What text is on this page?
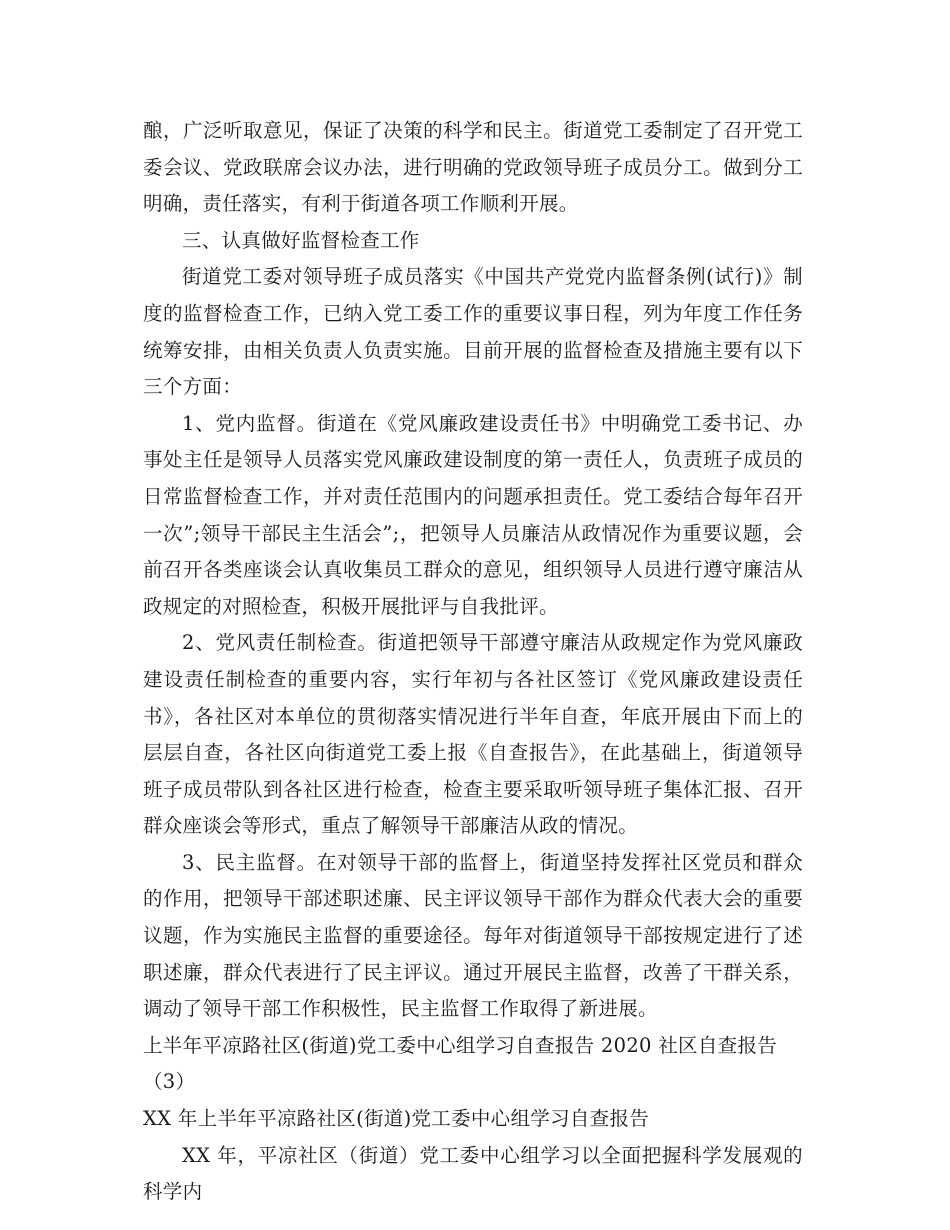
酿，广泛听取意见，保证了决策的科学和民主。街道党工委制定了召开党工委会议、党政联席会议办法，进行明确的党政领导班子成员分工。做到分工明确，责任落实，有利于街道各项工作顺利开展。

三、认真做好监督检查工作

街道党工委对领导班子成员落实《中国共产党党内监督条例(试行)》制度的监督检查工作，已纳入党工委工作的重要议事日程，列为年度工作任务统筹安排，由相关负责人负责实施。目前开展的监督检查及措施主要有以下三个方面：

1、党内监督。街道在《党风廉政建设责任书》中明确党工委书记、办事处主任是领导人员落实党风廉政建设制度的第一责任人，负责班子成员的日常监督检查工作，并对责任范围内的问题承担责任。党工委结合每年召开一次”;领导干部民主生活会”;，把领导人员廉洁从政情况作为重要议题，会前召开各类座谈会认真收集员工群众的意见，组织领导人员进行遵守廉洁从政规定的对照检查，积极开展批评与自我批评。

2、党风责任制检查。街道把领导干部遵守廉洁从政规定作为党风廉政建设责任制检查的重要内容，实行年初与各社区签订《党风廉政建设责任书》，各社区对本单位的贯彻落实情况进行半年自查，年底开展由下而上的层层自查，各社区向街道党工委上报《自查报告》，在此基础上，街道领导班子成员带队到各社区进行检查，检查主要采取听领导班子集体汇报、召开群众座谈会等形式，重点了解领导干部廉洁从政的情况。

3、民主监督。在对领导干部的监督上，街道坚持发挥社区党员和群众的作用，把领导干部述职述廉、民主评议领导干部作为群众代表大会的重要议题，作为实施民主监督的重要途径。每年对街道领导干部按规定进行了述职述廉，群众代表进行了民主评议。通过开展民主监督，改善了干群关系，调动了领导干部工作积极性，民主监督工作取得了新进展。

上半年平凉路社区(街道)党工委中心组学习自查报告 2020 社区自查报告（3）

XX 年上半年平凉路社区(街道)党工委中心组学习自查报告

XX 年，平凉社区（街道）党工委中心组学习以全面把握科学发展观的科学内
